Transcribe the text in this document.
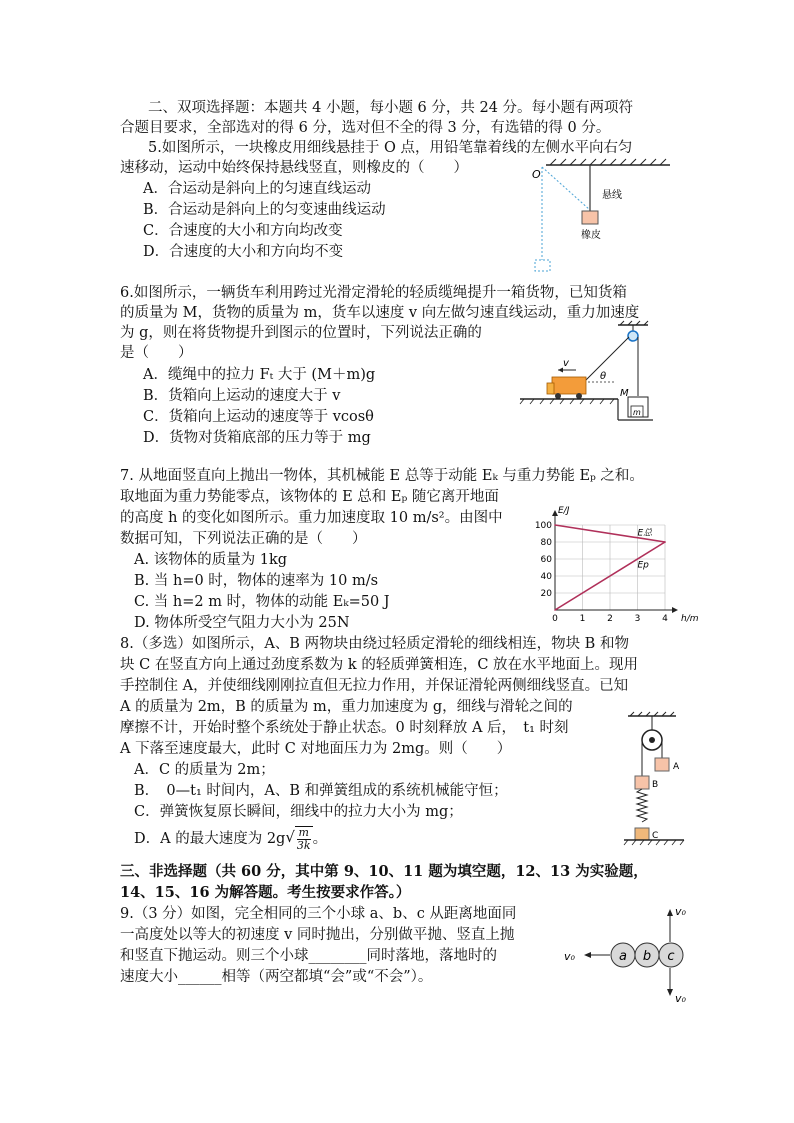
二、双项选择题：本题共 4 小题，每小题 6 分，共 24 分。每小题有两项符
合题目要求，全部选对的得 6 分，选对但不全的得 3 分，有选错的得 0 分。
5.如图所示，一块橡皮用细线悬挂于 O 点，用铅笔靠着线的左侧水平向右匀
速移动，运动中始终保持悬线竖直，则橡皮的（　　）
A．合运动是斜向上的匀速直线运动
B．合运动是斜向上的匀变速曲线运动
C．合速度的大小和方向均改变
D．合速度的大小和方向均不变
O
悬线
橡皮
6.如图所示，一辆货车利用跨过光滑定滑轮的轻质缆绳提升一箱货物，已知货箱
的质量为 M，货物的质量为 m，货车以速度 v 向左做匀速直线运动，重力加速度
为 g，则在将货物提升到图示的位置时，下列说法正确的
是（　　）
A．缆绳中的拉力 Fₜ 大于 (M＋m)g
B．货箱向上运动的速度大于 v
C．货箱向上运动的速度等于 vcosθ
D．货物对货箱底部的压力等于 mg
θ
v
M
m
7. 从地面竖直向上抛出一物体，其机械能 E 总等于动能 Eₖ 与重力势能 Eₚ 之和。
取地面为重力势能零点，该物体的 E 总和 Eₚ 随它离开地面
的高度 h 的变化如图所示。重力加速度取 10 m/s²。由图中
数据可知，下列说法正确的是（　　）
A. 该物体的质量为 1kg
B. 当 h=0 时，物体的速率为 10 m/s
C. 当 h=2 m 时，物体的动能 Eₖ=50 J
D. 物体所受空气阻力大小为 25N
20
40
60
80
100
0 1 2 3 4 h/m
E/J
E总
Ep
8.（多选）如图所示，A、B 两物块由绕过轻质定滑轮的细线相连，物块 B 和物
块 C 在竖直方向上通过劲度系数为 k 的轻质弹簧相连，C 放在水平地面上。现用
手控制住 A，并使细线刚刚拉直但无拉力作用，并保证滑轮两侧细线竖直。已知
A 的质量为 2m，B 的质量为 m，重力加速度为 g，细线与滑轮之间的
摩擦不计，开始时整个系统处于静止状态。0 时刻释放 A 后，　t₁ 时刻
A 下落至速度最大，此时 C 对地面压力为 2mg。则（　　）
A．C 的质量为 2m；
B．　0—t₁ 时间内，A、B 和弹簧组成的系统机械能守恒；
C．弹簧恢复原长瞬间，细线中的拉力大小为 mg；
D．A 的最大速度为 $2g√ \frac{m}{3k}$ 。
A
B
C
三、非选择题（共 60 分，其中第 9、10、11 题为填空题，12、13 为实验题，
14、15、16 为解答题。考生按要求作答。）
9.（3 分）如图，完全相同的三个小球 a、b、c 从距离地面同
一高度处以等大的初速度 v 同时抛出，分别做平抛、竖直上抛
和竖直下抛运动。则三个小球________同时落地，落地时的
速度大小______相等（两空都填“会”或“不会”）。
v₀
v₀	a b c
v₀
